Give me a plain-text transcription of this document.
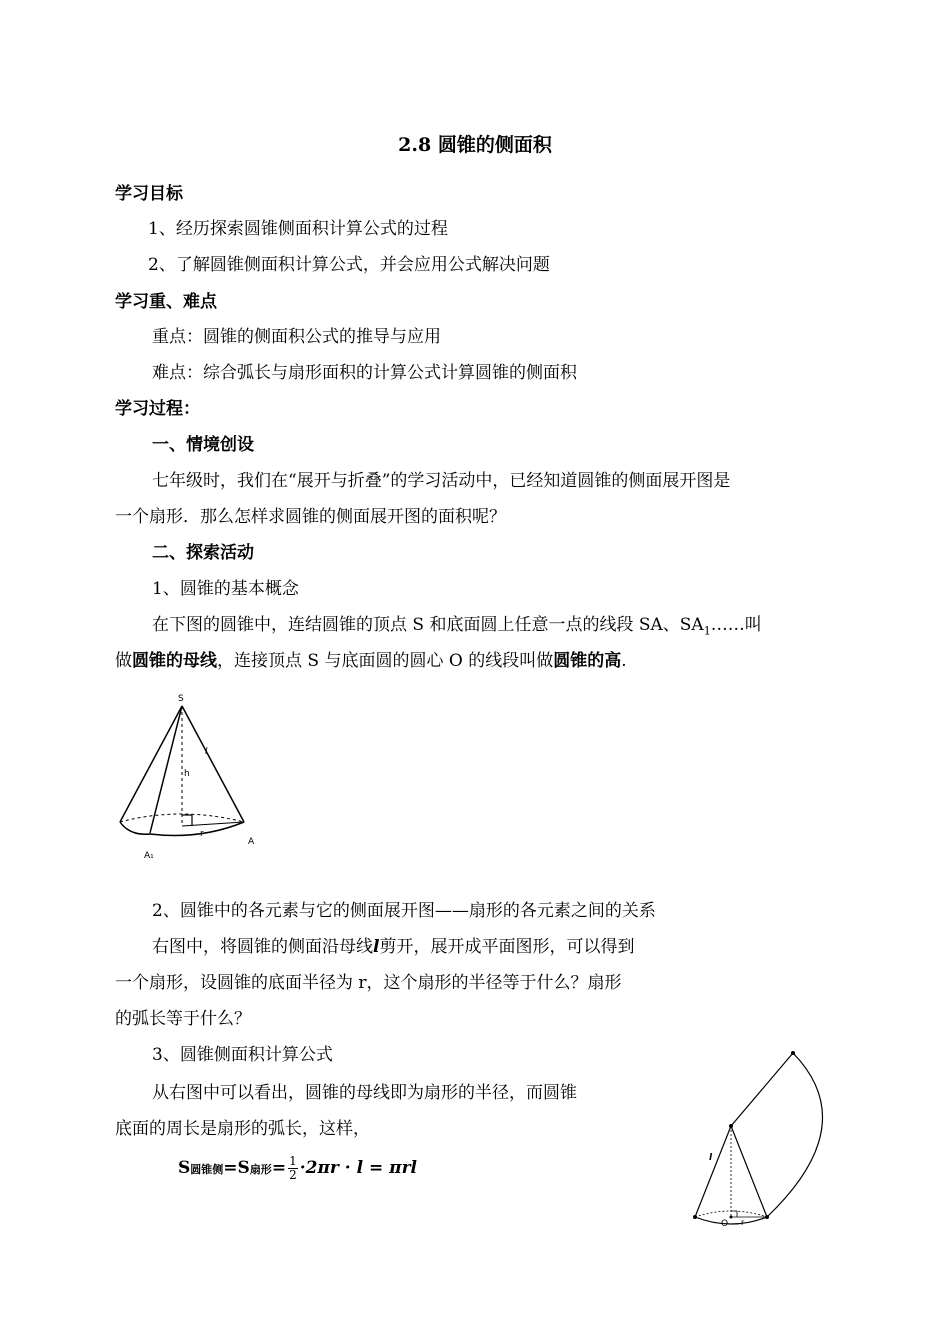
2.8 圆锥的侧面积
学习目标
1、经历探索圆锥侧面积计算公式的过程
2、了解圆锥侧面积计算公式，并会应用公式解决问题
学习重、难点
重点：圆锥的侧面积公式的推导与应用
难点：综合弧长与扇形面积的计算公式计算圆锥的侧面积
学习过程：
一、情境创设
七年级时，我们在“展开与折叠”的学习活动中，已经知道圆锥的侧面展开图是
一个扇形．那么怎样求圆锥的侧面展开图的面积呢？
二、探索活动
1、圆锥的基本概念
在下图的圆锥中，连结圆锥的顶点 S 和底面圆上任意一点的线段 SA、$SA_1\dots\dots$叫
做圆锥的母线，连接顶点 S 与底面圆的圆心 O 的线段叫做圆锥的高.
S
l
h
r
A₁
A
2、圆锥中的各元素与它的侧面展开图——扇形的各元素之间的关系
右图中，将圆锥的侧面沿母线l剪开，展开成平面图形，可以得到
一个扇形，设圆锥的底面半径为 r，这个扇形的半径等于什么？扇形
的弧长等于什么？
3、圆锥侧面积计算公式
从右图中可以看出，圆锥的母线即为扇形的半径，而圆锥
底面的周长是扇形的弧长，这样，
S圆锥侧=S扇形= $\frac{1}{2} \cdot 2\pi r \cdot l = \pi rl$	l
O r
